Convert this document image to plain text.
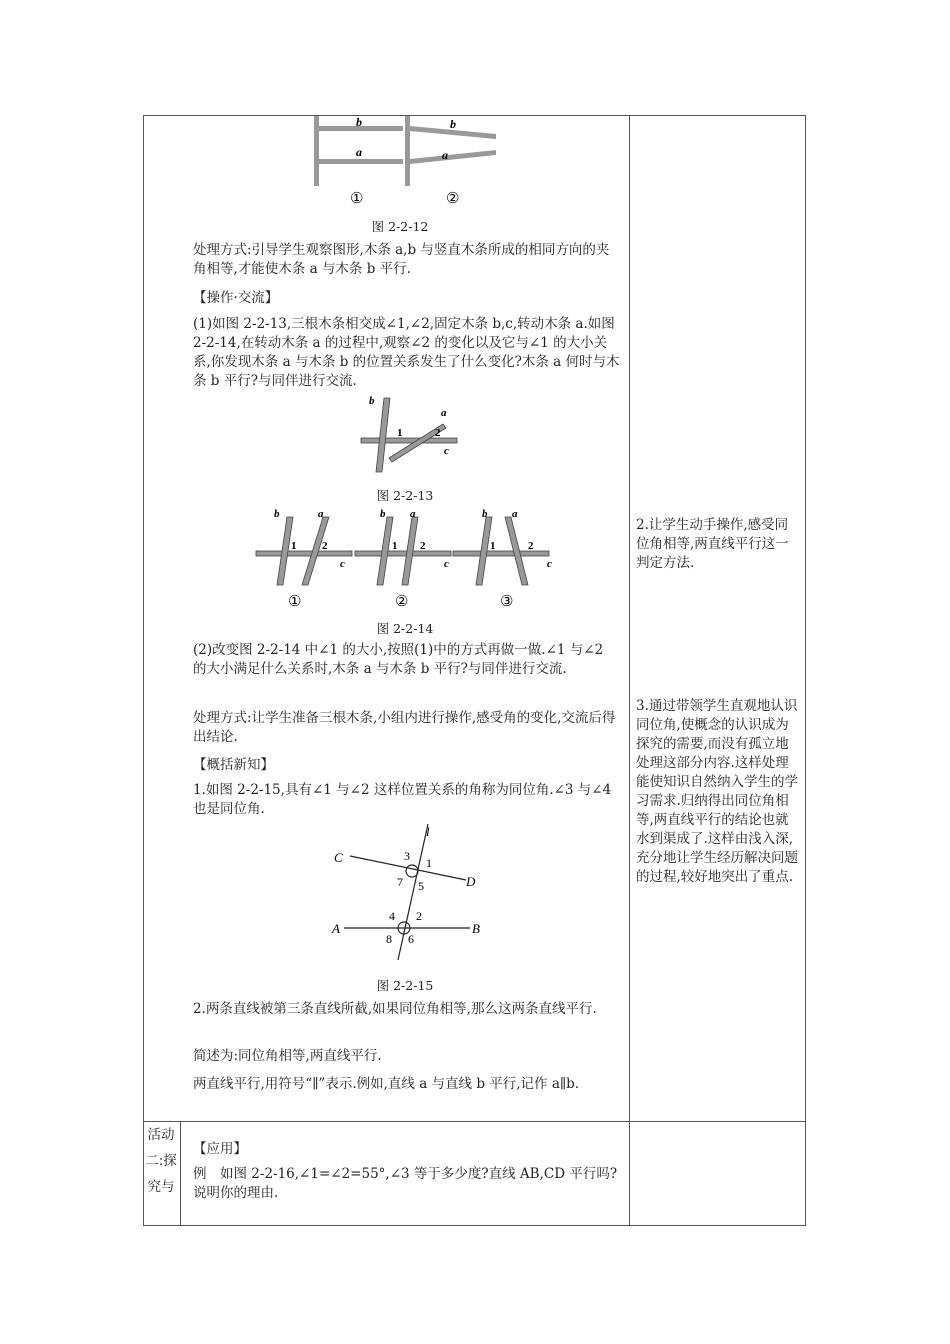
b
a
b
a
①	②
图 2-2-12
处理方式:引导学生观察图形,木条 a,b 与竖直木条所成的相同方向的夹角相等,才能使木条 a 与木条 b 平行.
【操作·交流】
(1)如图 2-2-13,三根木条相交成∠1,∠2,固定木条 b,c,转动木条 a.如图 2-2-14,在转动木条 a 的过程中,观察∠2 的变化以及它与∠1 的大小关系,你发现木条 a 与木条 b 的位置关系发生了什么变化?木条 a 何时与木条 b 平行?与同伴进行交流.
b
a
c
1	2
图 2-2-13
b	a
c
1 2
b a
c
1 2
b a
c
1	2
①	②	③
图 2-2-14
(2)改变图 2-2-14 中∠1 的大小,按照(1)中的方式再做一做.∠1 与∠2 的大小满足什么关系时,木条 a 与木条 b 平行?与同伴进行交流.
处理方式:让学生准备三根木条,小组内进行操作,感受角的变化,交流后得出结论.
【概括新知】
1.如图 2-2-15,具有∠1 与∠2 这样位置关系的角称为同位角.∠3 与∠4 也是同位角.
l
C
D
A	B
1
3
7 5
2
4
8 6
图 2-2-15
2.两条直线被第三条直线所截,如果同位角相等,那么这两条直线平行.
简述为:同位角相等,两直线平行.
两直线平行,用符号“∥”表示.例如,直线 a 与直线 b 平行,记作 a∥b.
2.让学生动手操作,感受同位角相等,两直线平行这一判定方法.
3.通过带领学生直观地认识同位角,使概念的认识成为探究的需要,而没有孤立地处理这部分内容.这样处理能使知识自然纳入学生的学习需求.归纳得出同位角相等,两直线平行的结论也就水到渠成了.这样由浅入深,充分地让学生经历解决问题的过程,较好地突出了重点.
活动二:探究与
【应用】
例　如图 2-2-16,∠1=∠2=55°,∠3 等于多少度?直线 AB,CD 平行吗?说明你的理由.
